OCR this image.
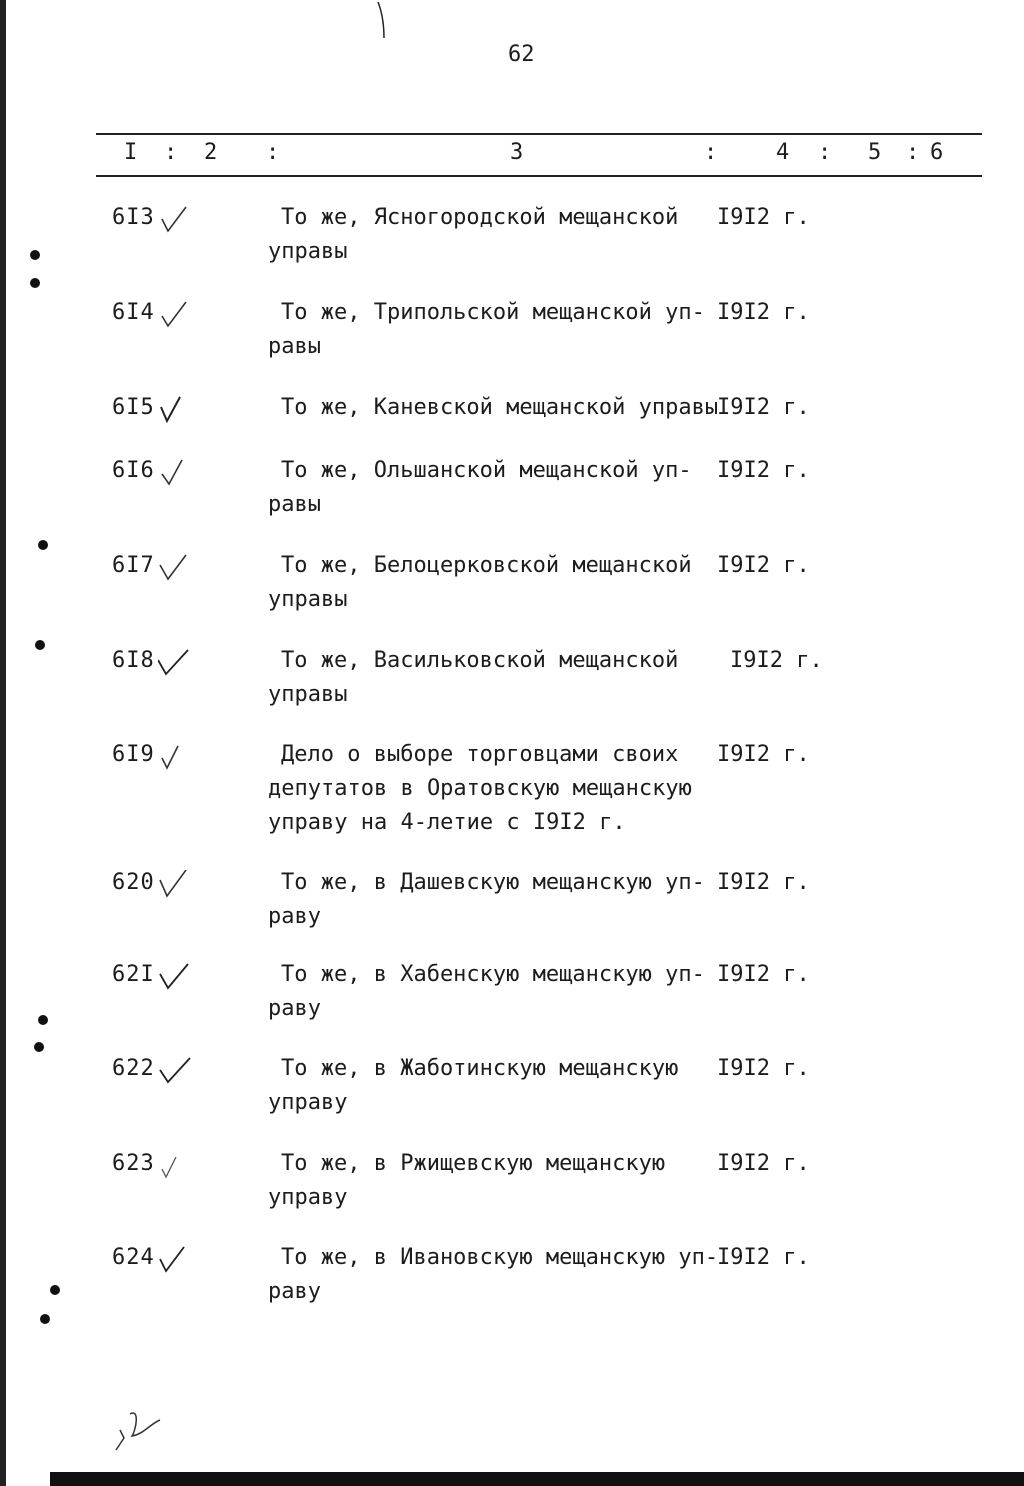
62
I : 2 :	3	:	4 : 5 : 6
6I3	То же, Ясногородской мещанской
управы
I9I2 г.
6I4	То же, Трипольской мещанской уп-
равы
I9I2 г.
6I5	То же, Каневской мещанской управы
I9I2 г.
6I6	То же, Ольшанской мещанской уп-
равы
I9I2 г.
6I7	То же, Белоцерковской мещанской
управы
I9I2 г.
6I8	То же, Васильковской мещанской
управы
I9I2 г.
6I9	Дело о выборе торговцами своих
депутатов в Оратовскую мещанскую
управу на 4-летие с I9I2 г.
I9I2 г.
620	То же, в Дашевскую мещанскую уп-
раву
I9I2 г.
62I	То же, в Хабенскую мещанскую уп-
раву
I9I2 г.
622	То же, в Жаботинскую мещанскую
управу
I9I2 г.
623	То же, в Ржищевскую мещанскую
управу
I9I2 г.
624	То же, в Ивановскую мещанскую уп-
раву
I9I2 г.
